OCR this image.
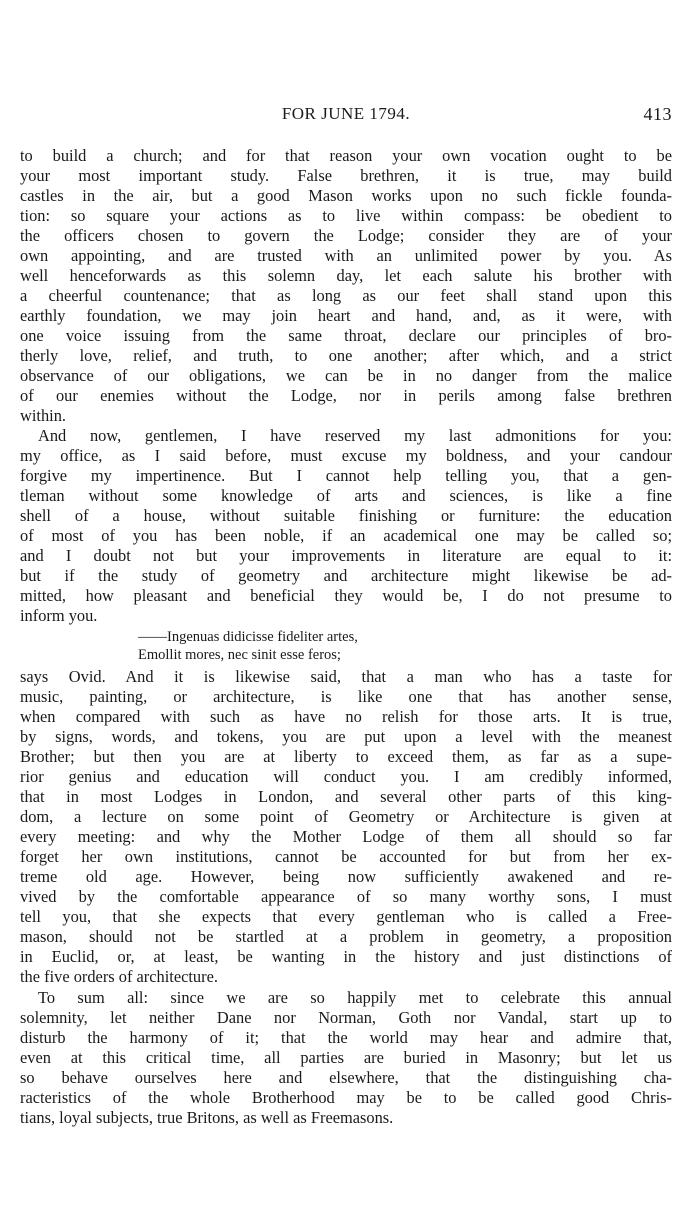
FOR JUNE 1794.	413
to build a church; and for that reason your own vocation ought to be
your most important study. False brethren, it is true, may build
castles in the air, but a good Mason works upon no such fickle founda-
tion: so square your actions as to live within compass: be obedient to
the officers chosen to govern the Lodge; consider they are of your
own appointing, and are trusted with an unlimited power by you. As
well henceforwards as this solemn day, let each salute his brother with
a cheerful countenance; that as long as our feet shall stand upon this
earthly foundation, we may join heart and hand, and, as it were, with
one voice issuing from the same throat, declare our principles of bro-
therly love, relief, and truth, to one another; after which, and a strict
observance of our obligations, we can be in no danger from the malice
of our enemies without the Lodge, nor in perils among false brethren
within.
And now, gentlemen, I have reserved my last admonitions for you:
my office, as I said before, must excuse my boldness, and your candour
forgive my impertinence. But I cannot help telling you, that a gen-
tleman without some knowledge of arts and sciences, is like a fine
shell of a house, without suitable finishing or furniture: the education
of most of you has been noble, if an academical one may be called so;
and I doubt not but your improvements in literature are equal to it:
but if the study of geometry and architecture might likewise be ad-
mitted, how pleasant and beneficial they would be, I do not presume to
inform you.
——Ingenuas didicisse fideliter artes,
Emollit mores, nec sinit esse feros;
says Ovid. And it is likewise said, that a man who has a taste for
music, painting, or architecture, is like one that has another sense,
when compared with such as have no relish for those arts. It is true,
by signs, words, and tokens, you are put upon a level with the meanest
Brother; but then you are at liberty to exceed them, as far as a supe-
rior genius and education will conduct you. I am credibly informed,
that in most Lodges in London, and several other parts of this king-
dom, a lecture on some point of Geometry or Architecture is given at
every meeting: and why the Mother Lodge of them all should so far
forget her own institutions, cannot be accounted for but from her ex-
treme old age. However, being now sufficiently awakened and re-
vived by the comfortable appearance of so many worthy sons, I must
tell you, that she expects that every gentleman who is called a Free-
mason, should not be startled at a problem in geometry, a proposition
in Euclid, or, at least, be wanting in the history and just distinctions of
the five orders of architecture.
To sum all: since we are so happily met to celebrate this annual
solemnity, let neither Dane nor Norman, Goth nor Vandal, start up to
disturb the harmony of it; that the world may hear and admire that,
even at this critical time, all parties are buried in Masonry; but let us
so behave ourselves here and elsewhere, that the distinguishing cha-
racteristics of the whole Brotherhood may be to be called good Chris-
tians, loyal subjects, true Britons, as well as Freemasons.
